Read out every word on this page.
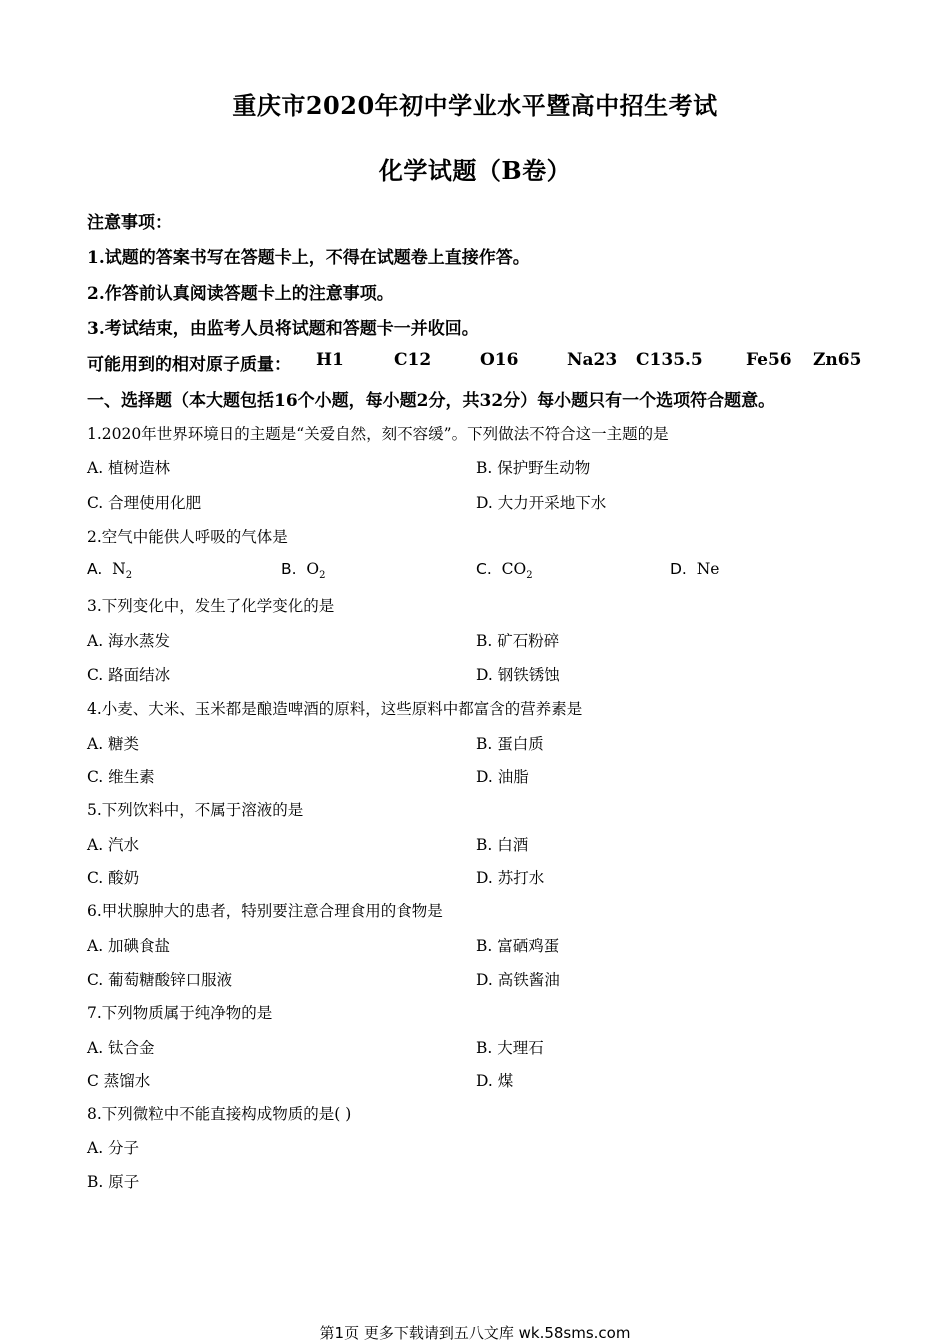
重庆市2020年初中学业水平暨高中招生考试
化学试题（B卷）
注意事项：
1.试题的答案书写在答题卡上，不得在试题卷上直接作答。
2.作答前认真阅读答题卡上的注意事项。
3.考试结束，由监考人员将试题和答题卡一并收回。
可能用到的相对原子质量： H1	C12	O16	Na23 C135.5	Fe56 Zn65
一、选择题（本大题包括16个小题，每小题2分，共32分）每小题只有一个选项符合题意。
1.2020年世界环境日的主题是“关爱自然，刻不容缓”。下列做法不符合这一主题的是
A. 植树造林	B. 保护野生动物
C. 合理使用化肥	D. 大力开采地下水
2.空气中能供人呼吸的气体是
A. $N_2$	B. $O_2$	C. $CO_2$	D. Ne
3.下列变化中，发生了化学变化的是
A. 海水蒸发	B. 矿石粉碎
C. 路面结冰	D. 钢铁锈蚀
4.小麦、大米、玉米都是酿造啤酒的原料，这些原料中都富含的营养素是
A. 糖类	B. 蛋白质
C. 维生素	D. 油脂
5.下列饮料中，不属于溶液的是
A. 汽水	B. 白酒
C. 酸奶	D. 苏打水
6.甲状腺肿大的患者，特别要注意合理食用的食物是
A. 加碘食盐	B. 富硒鸡蛋
C. 葡萄糖酸锌口服液	D. 高铁酱油
7.下列物质属于纯净物的是
A. 钛合金	B. 大理石
C 蒸馏水	D. 煤
8.下列微粒中不能直接构成物质的是( )
A. 分子
B. 原子
第1页 更多下载请到五八文库 wk.58sms.com
